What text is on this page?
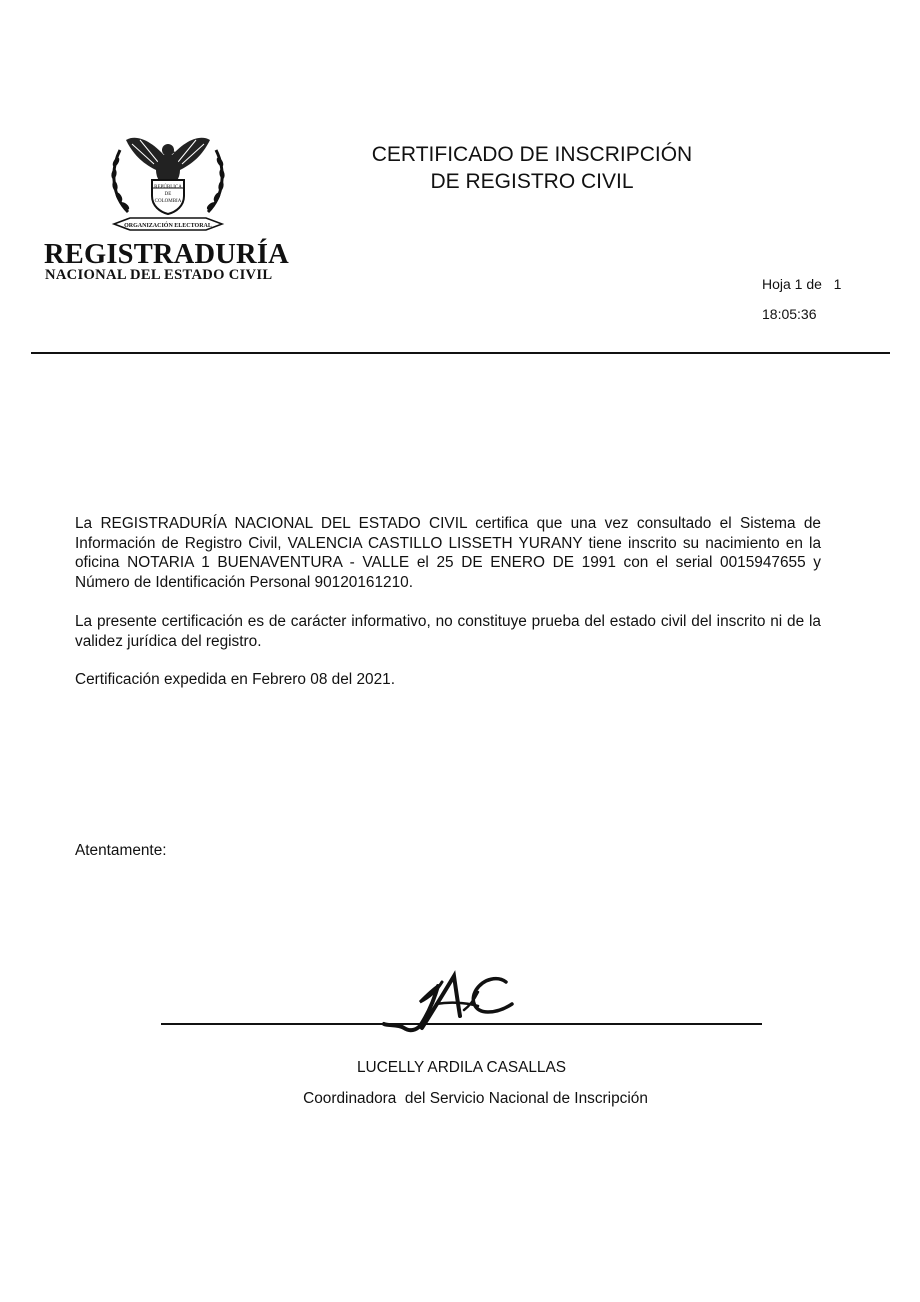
REPÚBLICA
DE
COLOMBIA
ORGANIZACIÓN ELECTORAL
REGISTRADURÍA
NACIONAL DEL ESTADO CIVIL
CERTIFICADO DE INSCRIPCIÓN
DE REGISTRO CIVIL
Hoja 1 de
1
18:05:36

La REGISTRADURÍA NACIONAL DEL ESTADO CIVIL certifica que una vez consultado el Sistema de Información de Registro Civil, VALENCIA CASTILLO LISSETH YURANY tiene inscrito su nacimiento en la oficina NOTARIA 1 BUENAVENTURA - VALLE el 25 DE ENERO DE 1991 con el serial 0015947655 y Número de Identificación Personal 90120161210.

La presente certificación es de carácter informativo, no constituye prueba del estado civil del inscrito ni de la validez jurídica del registro.

Certificación expedida en Febrero 08 del 2021.

Atentamente:
LUCELLY ARDILA CASALLAS
Coordinadora  del Servicio Nacional de Inscripción
